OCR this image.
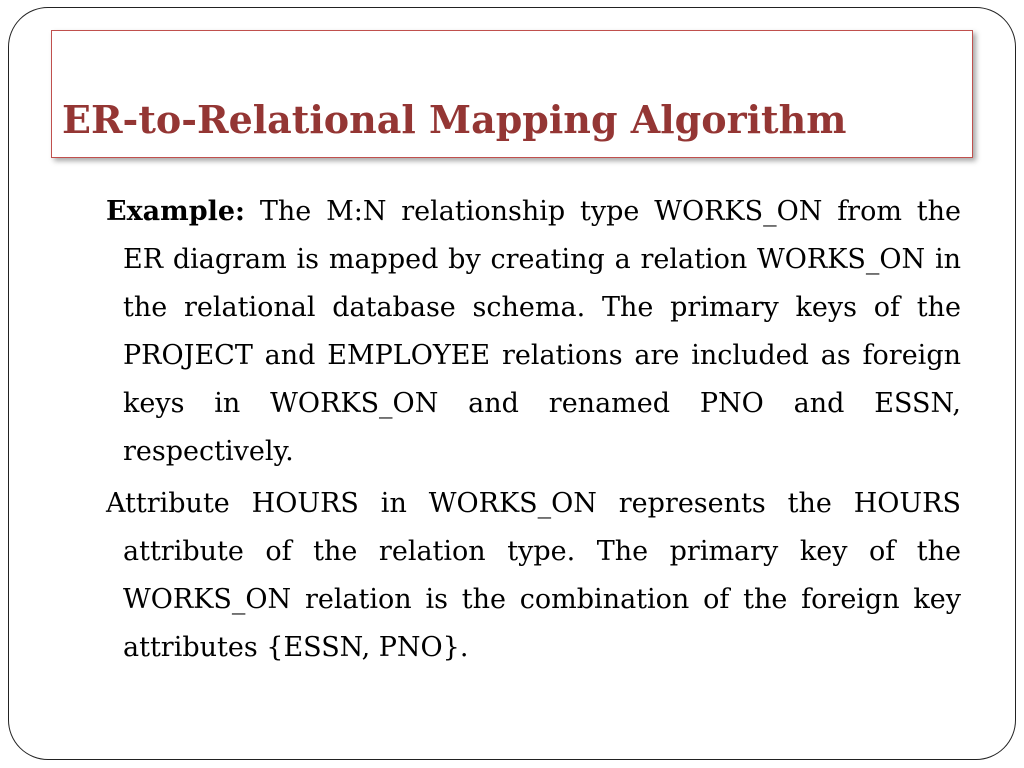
ER-to-Relational Mapping Algorithm

Example: The M:N relationship type WORKS_ON from the ER diagram is mapped by creating a relation WORKS_ON in the relational database schema. The primary keys of the PROJECT and EMPLOYEE relations are included as foreign keys in WORKS_ON and renamed PNO and ESSN, respectively.

Attribute HOURS in WORKS_ON represents the HOURS attribute of the relation type. The primary key of the WORKS_ON relation is the combination of the foreign key attributes {ESSN, PNO}.
